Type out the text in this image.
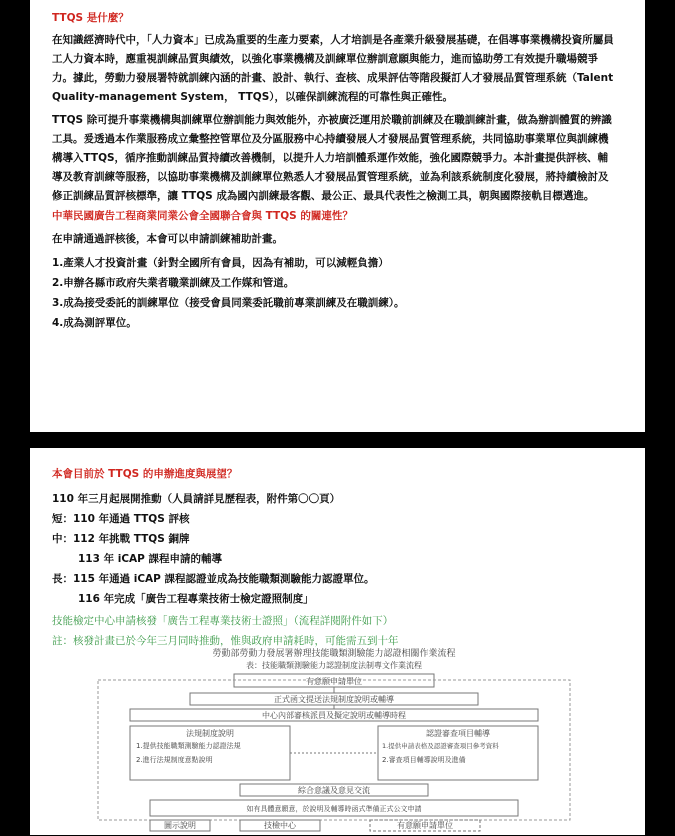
TTQS 是什麼？

在知識經濟時代中，「人力資本」已成為重要的生產力要素，人才培訓是各產業升級發展基礎，在倡導事業機構投資所屬員工人力資本時，應重視訓練品質與績效，以強化事業機構及訓練單位辦訓意願與能力，進而協助勞工有效提升職場競爭力。據此，勞動力發展署特就訓練內涵的計畫、設計、執行、查核、成果評估等階段擬訂人才發展品質管理系統（Talent Quality-management System， TTQS），以確保訓練流程的可靠性與正確性。

TTQS 除可提升事業機構與訓練單位辦訓能力與效能外，亦被廣泛運用於職前訓練及在職訓練計畫，做為辦訓體質的辨識工具。爰透過本作業服務成立彙整控管單位及分區服務中心持續發展人才發展品質管理系統，共同協助事業單位與訓練機構導入TTQS，循序推動訓練品質持續改善機制，以提升人力培訓體系運作效能，強化國際競爭力。本計畫提供評核、輔導及教育訓練等服務，以協助事業機構及訓練單位熟悉人才發展品質管理系統，並為利該系統制度化發展，將持續檢討及修正訓練品質評核標準，讓 TTQS 成為國內訓練最客觀、最公正、最具代表性之檢測工具，朝與國際接軌目標邁進。

中華民國廣告工程商業同業公會全國聯合會與 TTQS 的關連性？

在申請通過評核後，本會可以申請訓練補助計畫。

1.產業人才投資計畫（針對全國所有會員，因為有補助，可以減輕負擔）

2.申辦各縣市政府失業者職業訓練及工作媒和管道。

3.成為接受委託的訓練單位（接受會員同業委託職前專業訓練及在職訓練）。

4.成為測評單位。

本會目前於 TTQS 的申辦進度與展望？

110 年三月起展開推動（人員請詳見歷程表，附件第〇〇頁）

短：110 年通過 TTQS 評核

中：112 年挑戰 TTQS 銅牌

113 年 iCAP 課程申請的輔導

長：115 年通過 iCAP 課程認證並成為技能職類測驗能力認證單位。

116 年完成「廣告工程專業技術士檢定證照制度」

技能檢定中心申請核發「廣告工程專業技術士證照」（流程詳閱附件如下）

註：核發計畫已於今年三月同時推動，惟與政府申請耗時，可能需五到十年

勞動部勞動力發展署辦理技能職類測驗能力認證相關作業流程
表：技能職類測驗能力認證制度法制專文作業流程
有意願申請單位
正式函文提送法規制度說明或輔導
中心內部審核派員及擬定說明或輔導時程
法規制度說明
1.提供技能職類測驗能力認證法規
2.進行法規制度意點說明
認證審查項目輔導
1.提供申請表格及認證審查項目參考資料
2.審查項目輔導說明及進備
綜合意議及意見交流
如有具體意願意，於說明及輔導時函式準備正式公文申請
圖示說明	技檢中心	有意願申請單位
